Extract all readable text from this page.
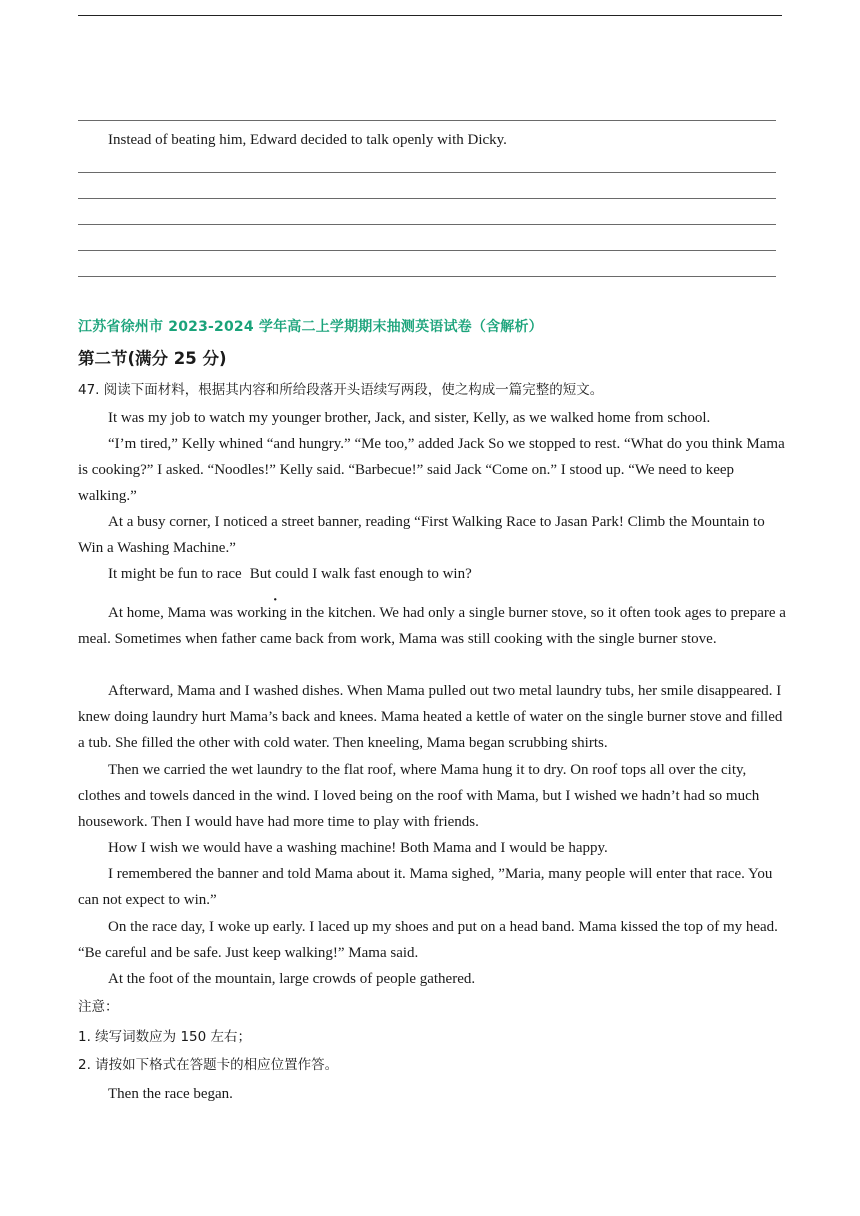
Instead of beating him, Edward decided to talk openly with Dicky.

江苏省徐州市 2023-2024 学年高二上学期期末抽测英语试卷（含解析）
第二节(满分 25 分)

47. 阅读下面材料，根据其内容和所给段落开头语续写两段，使之构成一篇完整的短文。

It was my job to watch my younger brother, Jack, and sister, Kelly, as we walked home from school.

“I’m tired,” Kelly whined “and hungry.” “Me too,” added Jack So we stopped to rest. “What do you think Mama is cooking?” I asked. “Noodles!” Kelly said. “Barbecue!” said Jack “Come on.” I stood up. “We need to keep walking.”

At a busy corner, I noticed a street banner, reading “First Walking Race to Jasan Park! Climb the Mountain to Win a Washing Machine.”

It might be fun to race But could I walk fast enough to win?

At home, Mama was working in the kitchen. We had only a single burner stove, so it often took ages to prepare a meal. Sometimes when father came back from work, Mama was still cooking with the single burner stove.

Afterward, Mama and I washed dishes. When Mama pulled out two metal laundry tubs, her smile disappeared. I knew doing laundry hurt Mama’s back and knees. Mama heated a kettle of water on the single burner stove and filled a tub. She filled the other with cold water. Then kneeling, Mama began scrubbing shirts.

Then we carried the wet laundry to the flat roof, where Mama hung it to dry. On roof tops all over the city, clothes and towels danced in the wind. I loved being on the roof with Mama, but I wished we hadn’t had so much housework. Then I would have had more time to play with friends.

How I wish we would have a washing machine! Both Mama and I would be happy.

I remembered the banner and told Mama about it. Mama sighed, ”Maria, many people will enter that race. You can not expect to win.”

On the race day, I woke up early. I laced up my shoes and put on a head band. Mama kissed the top of my head. “Be careful and be safe. Just keep walking!” Mama said.

At the foot of the mountain, large crowds of people gathered.

注意：

1. 续写词数应为 150 左右；

2. 请按如下格式在答题卡的相应位置作答。

Then the race began.
